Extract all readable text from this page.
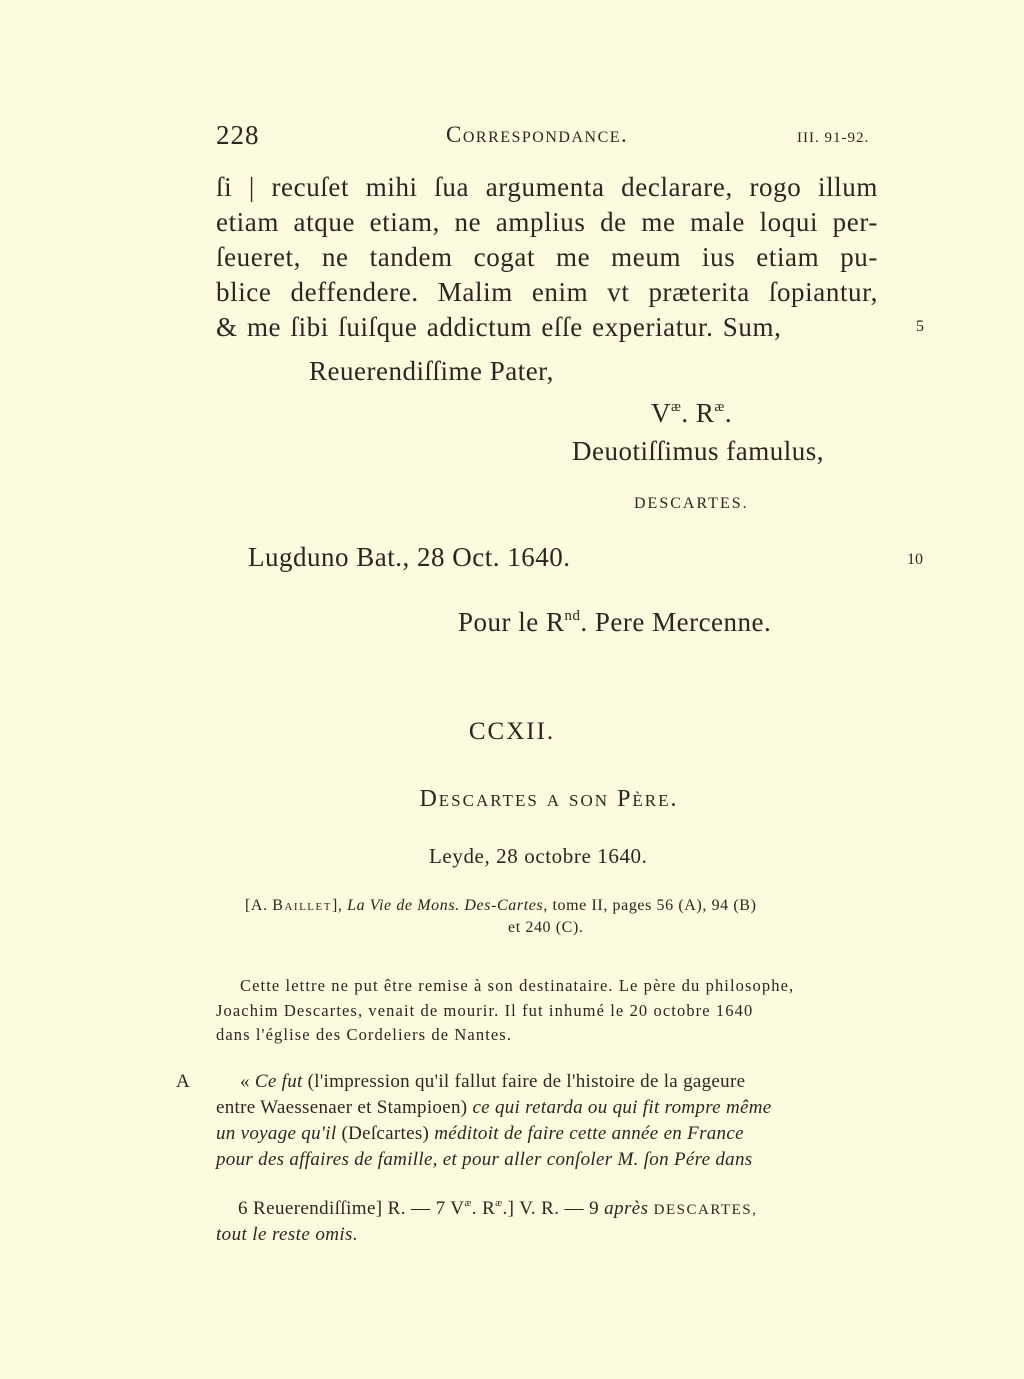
228	Correspondance.	III. 91-92.
ſi | recuſet mihi ſua argumenta declarare, rogo illum
etiam atque etiam, ne amplius de me male loqui per-
ſeueret, ne tandem cogat me meum ius etiam pu-
blice deffendere. Malim enim vt præterita ſopiantur,
& me ſibi ſuiſque addictum eſſe experiatur. Sum,	5
Reuerendiſſime Pater,
$V^æ$. $R^æ$.
Deuotiſſimus famulus,
DESCARTES.
Lugduno Bat., 28 Oct. 1640.	10
Pour le $R^{nd}$. Pere Mercenne.
CCXII.
Descartes a son Père.
Leyde, 28 octobre 1640.
[A. Baillet], La Vie de Mons. Des-Cartes, tome II, pages 56 (A), 94 (B)
et 240 (C).
Cette lettre ne put être remise à son destinataire. Le père du philosophe,
Joachim Descartes, venait de mourir. Il fut inhumé le 20 octobre 1640
dans l'église des Cordeliers de Nantes.
A	« Ce fut (l'impression qu'il fallut faire de l'histoire de la gageure
entre Waessenaer et Stampioen) ce qui retarda ou qui fit rompre même
un voyage qu'il (Deſcartes) méditoit de faire cette année en France
pour des affaires de famille, et pour aller conſoler M. ſon Pére dans
6 Reuerendiſſime] R. — 7 $V^æ$. $R^æ$.] V. R. — 9 après DESCARTES,
tout le reste omis.
